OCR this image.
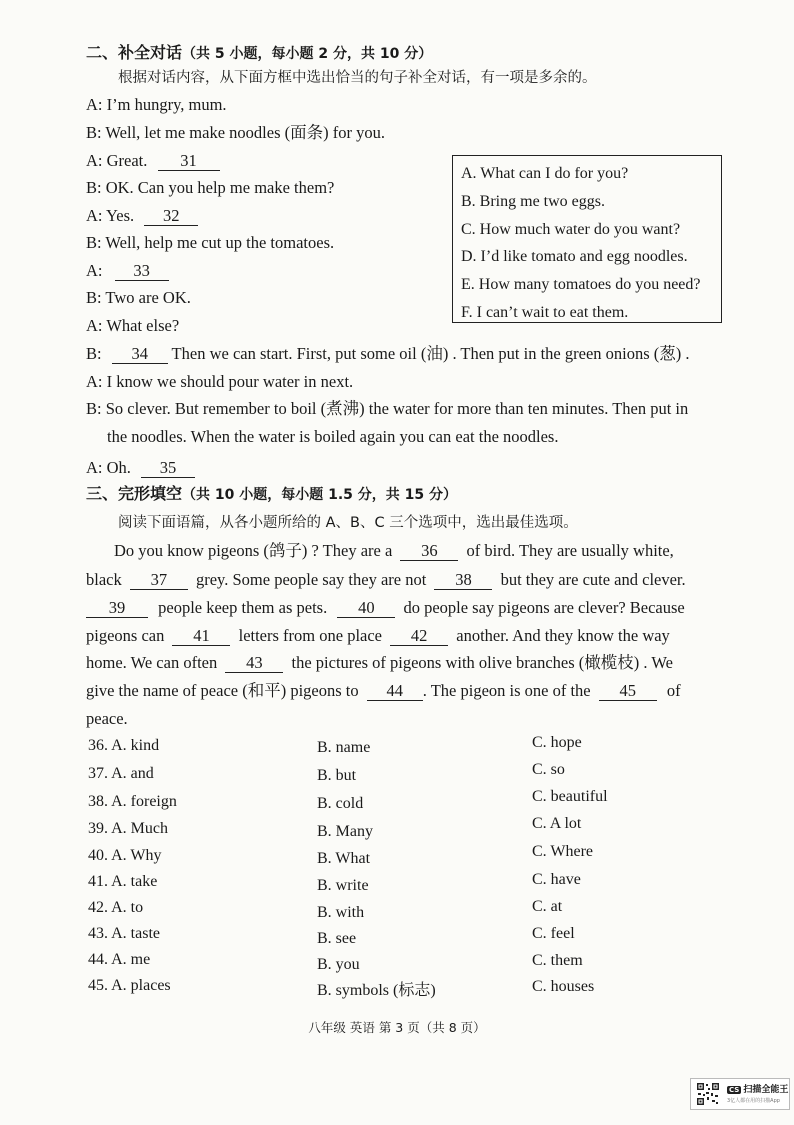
二、补全对话（共 5 小题，每小题 2 分，共 10 分）
根据对话内容，从下面方框中选出恰当的句子补全对话，有一项是多余的。
A: I’m hungry, mum.
B: Well, let me make noodles (面条) for you.
A: Great. 31
B: OK. Can you help me make them?
A: Yes. 32
B: Well, help me cut up the tomatoes.
A: 33
B: Two are OK.
A: What else?
B: 34 Then we can start. First, put some oil (油) . Then put in the green onions (葱) .
A: I know we should pour water in next.
B: So clever. But remember to boil (煮沸) the water for more than ten minutes. Then put in
the noodles. When the water is boiled again you can eat the noodles.
A: Oh. 35
A. What can I do for you?
B. Bring me two eggs.
C. How much water do you want?
D. I’d like tomato and egg noodles.
E. How many tomatoes do you need?
F. I can’t wait to eat them.
三、完形填空（共 10 小题，每小题 1.5 分，共 15 分）
阅读下面语篇，从各小题所给的 A、B、C 三个选项中，选出最佳选项。
Do you know pigeons (鸽子) ? They are a 36 of bird. They are usually white,
black 37 grey. Some people say they are not 38 but they are cute and clever.
39 people keep them as pets. 40 do people say pigeons are clever? Because
pigeons can 41 letters from one place 42 another. And they know the way
home. We can often 43 the pictures of pigeons with olive branches (橄榄枝) . We
give the name of peace (和平) pigeons to 44 . The pigeon is one of the 45 of
peace.
36. A. kind	B. name	C. hope
37. A. and	B. but	C. so
38. A. foreign	B. cold	C. beautiful
39. A. Much	B. Many	C. A lot
40. A. Why	B. What	C. Where
41. A. take	B. write	C. have
42. A. to	B. with	C. at
43. A. taste	B. see	C. feel
44. A. me	B. you	C. them
45. A. places	B. symbols (标志)	C. houses
八年级 英语 第 3 页（共 8 页）
CS 扫描全能王
3亿人都在用的扫描App
